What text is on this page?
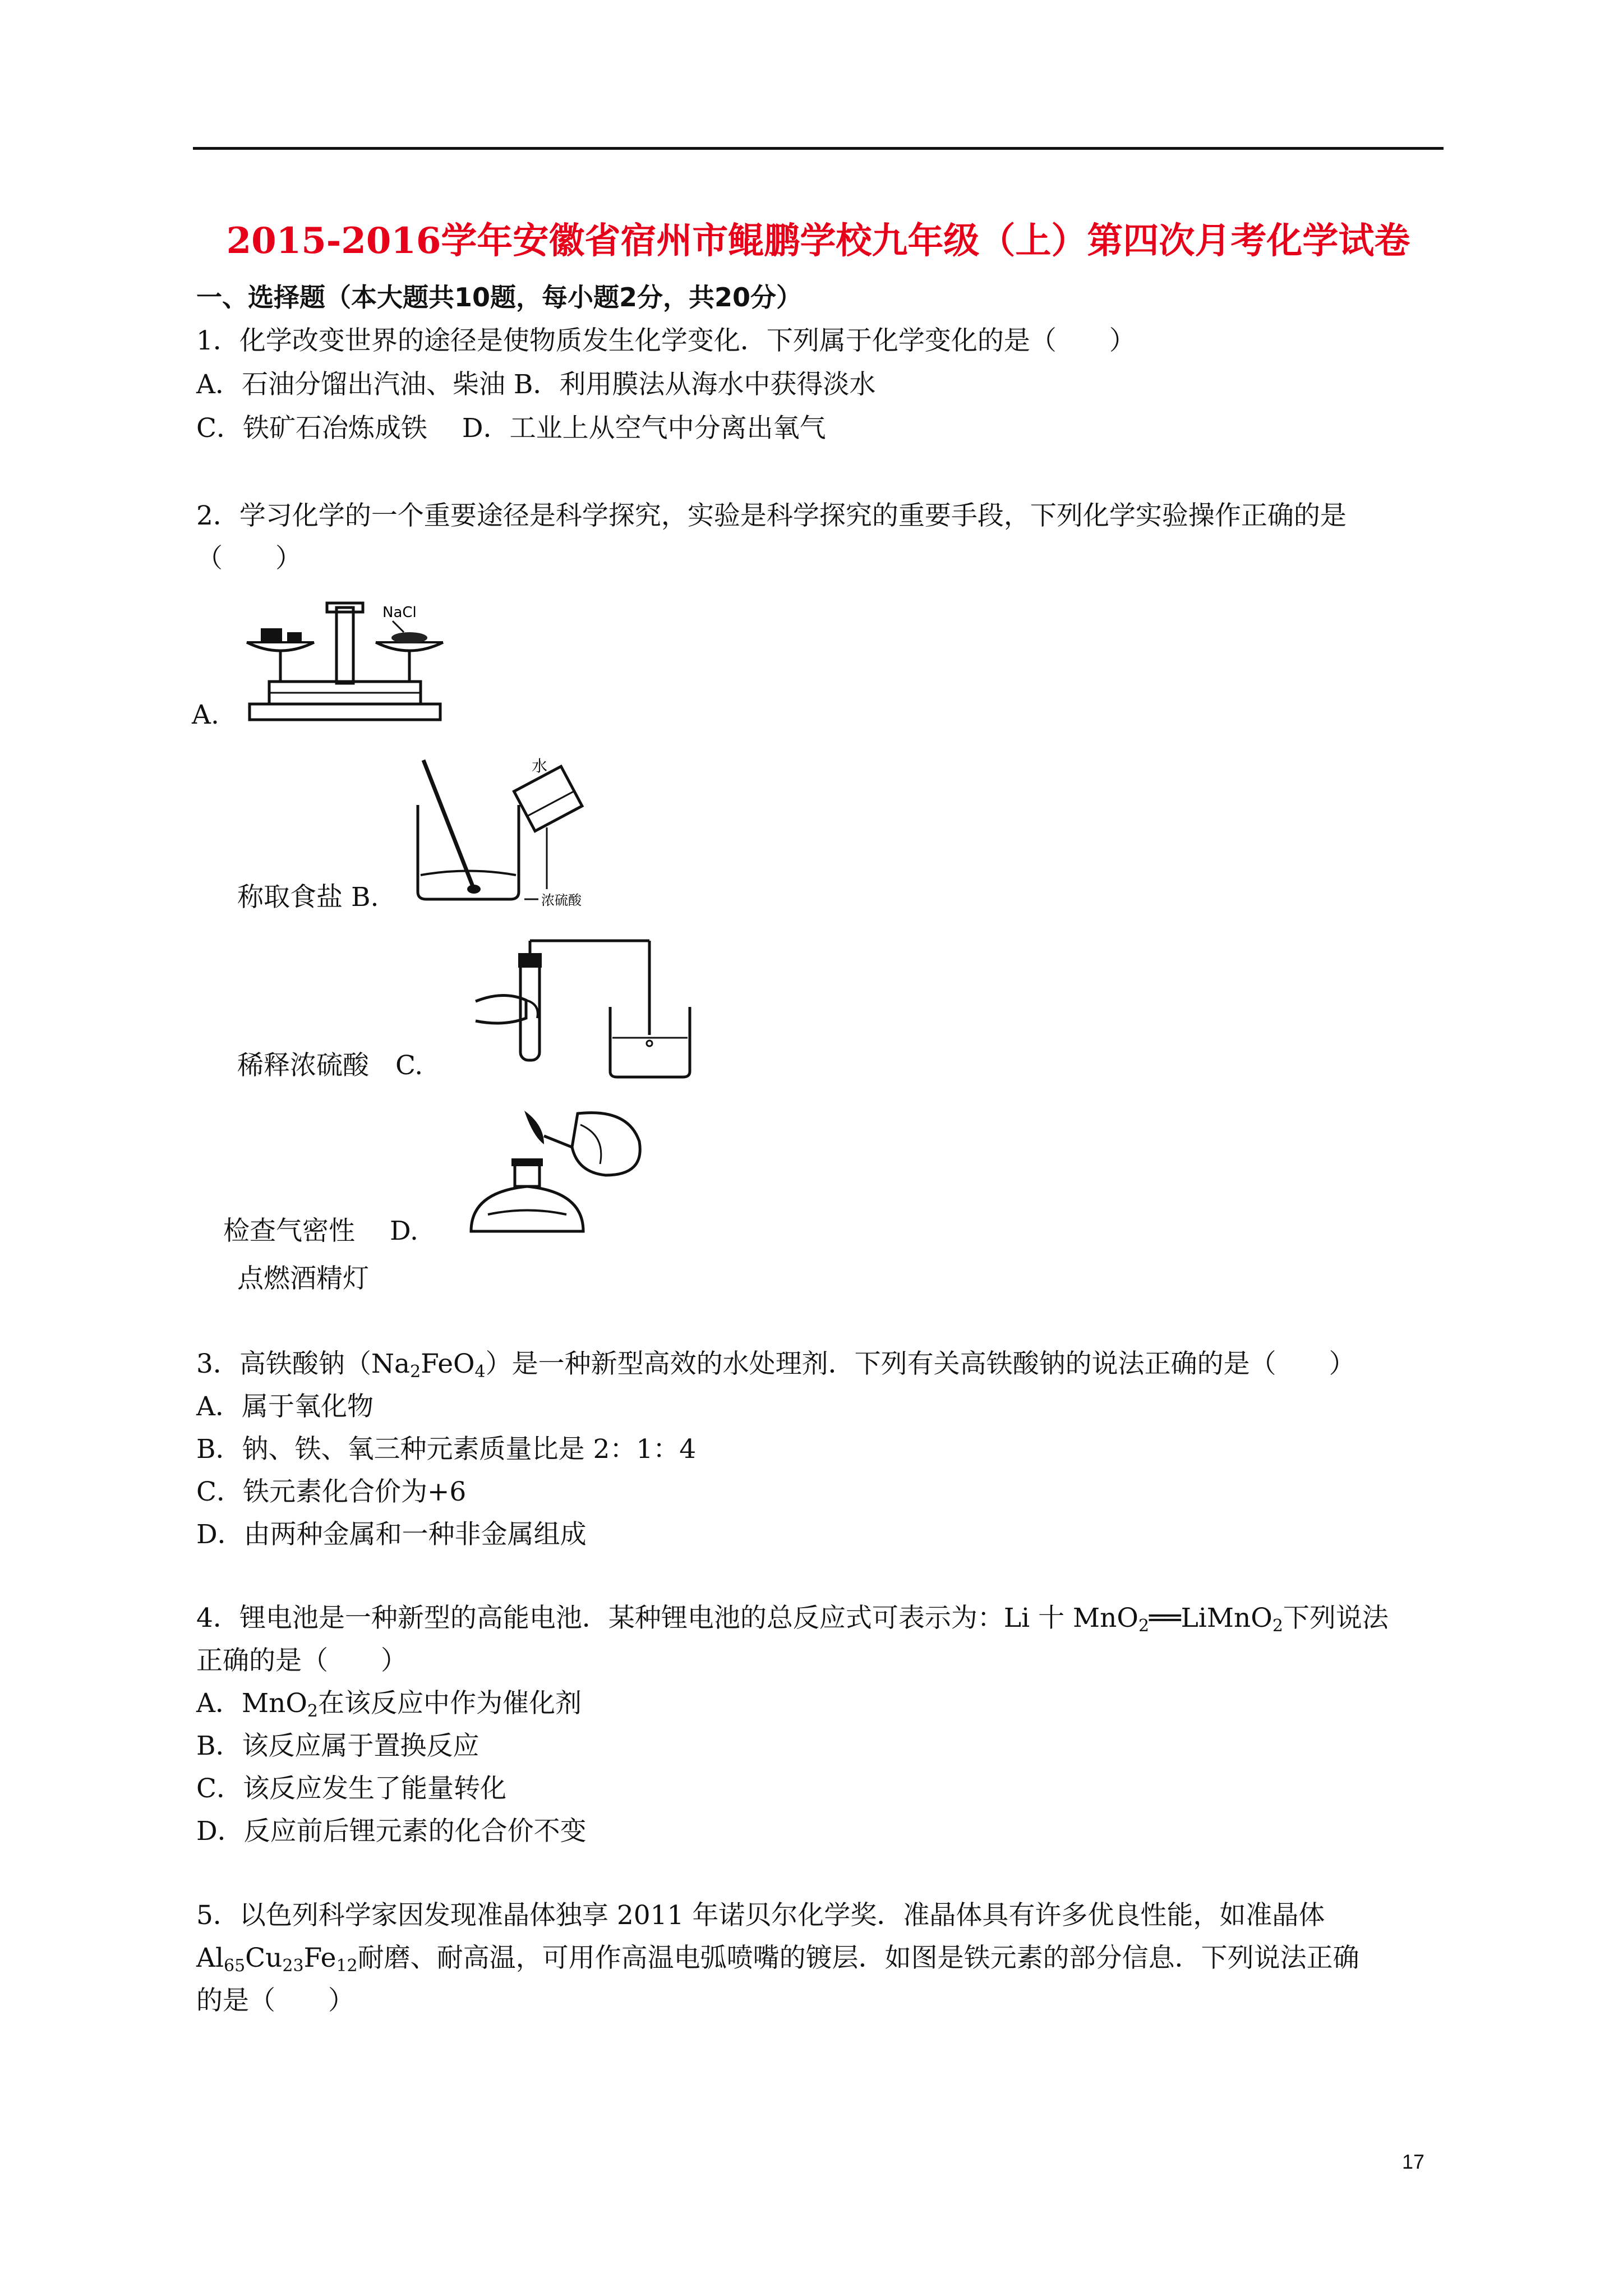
2015-2016学年安徽省宿州市鲲鹏学校九年级（上）第四次月考化学试卷
一、选择题（本大题共10题，每小题2分，共20分）
1．化学改变世界的途径是使物质发生化学变化．下列属于化学变化的是（　　）
A．石油分馏出汽油、柴油 B．利用膜法从海水中获得淡水
C．铁矿石冶炼成铁　 D．工业上从空气中分离出氧气
2．学习化学的一个重要途径是科学探究，实验是科学探究的重要手段，下列化学实验操作正确的是
（　　）
NaCl
A.
水
浓硫酸
称取食盐 B.
稀释浓硫酸　C.
检查气密性　 D.
点燃酒精灯
3．高铁酸钠$(Na_2FeO_4)$是一种新型高效的水处理剂．下列有关高铁酸钠的说法正确的是（　　）
A．属于氧化物
B．钠、铁、氧三种元素质量比是 2：1：4
C．铁元素化合价为+6
D．由两种金属和一种非金属组成
4．锂电池是一种新型的高能电池．某种锂电池的总反应式可表示为：Li 十 MnO$_2$══LiMnO$_2$下列说法
正确的是（　　）
A．MnO$_2$在该反应中作为催化剂
B．该反应属于置换反应
C．该反应发生了能量转化
D．反应前后锂元素的化合价不变
5．以色列科学家因发现准晶体独享 2011 年诺贝尔化学奖．准晶体具有许多优良性能，如准晶体
$Al_{65}Cu_{23}Fe_{12}$耐磨、耐高温，可用作高温电弧喷嘴的镀层．如图是铁元素的部分信息．下列说法正确
的是（　　）
17
